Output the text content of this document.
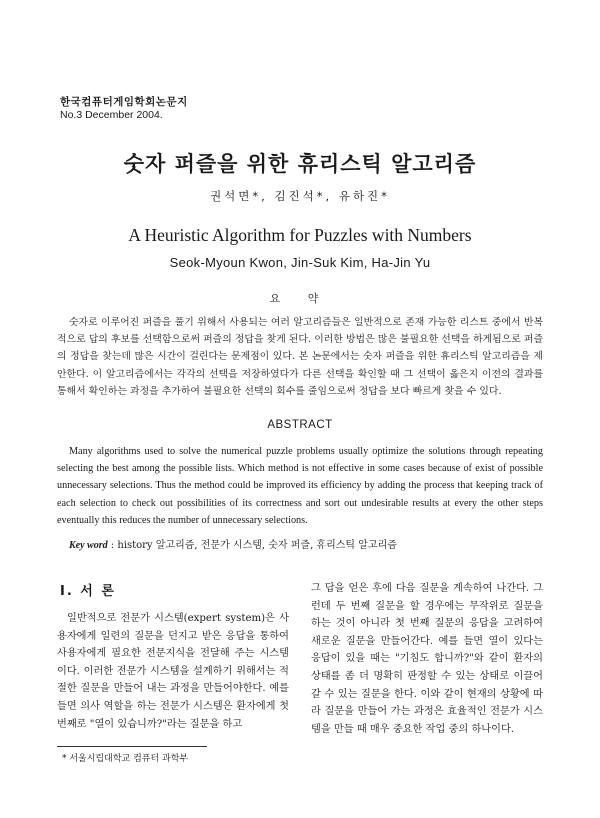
한국컴퓨터게임학회논문지
No.3 December 2004.
숫자 퍼즐을 위한 휴리스틱 알고리즘
권석면*, 김진석*, 유하진*
A Heuristic Algorithm for Puzzles with Numbers
Seok-Myoun Kwon, Jin-Suk Kim, Ha-Jin Yu
요 약

숫자로 이루어진 퍼즐을 풀기 위해서 사용되는 여러 알고리즘들은 일반적으로 존재 가능한 리스트 중에서 반복적으로 답의 후보를 선택함으로써 퍼즐의 정답을 찾게 된다. 이러한 방법은 많은 불필요한 선택을 하게됨으로 퍼즐의 정답을 찾는데 많은 시간이 걸린다는 문제점이 있다. 본 논문에서는 숫자 퍼즐을 위한 휴리스틱 알고리즘을 제안한다. 이 알고리즘에서는 각각의 선택을 저장하였다가 다른 선택을 확인할 때 그 선택이 옳은지 이전의 결과를 통해서 확인하는 과정을 추가하여 불필요한 선택의 회수를 줄임으로써 정답을 보다 빠르게 찾을 수 있다.

ABSTRACT

Many algorithms used to solve the numerical puzzle problems usually optimize the solutions through repeating selecting the best among the possible lists. Which method is not effective in some cases because of exist of possible unnecessary selections. Thus the method could be improved its efficiency by adding the process that keeping track of each selection to check out possibilities of its correctness and sort out undesirable results at every the other steps eventually this reduces the number of unnecessary selections.

Key word : history 알고리즘, 전문가 시스템, 숫자 퍼즐, 휴리스틱 알고리즘
Ⅰ. 서 론

일반적으로 전문가 시스템(expert system)은 사용자에게 일련의 질문을 던지고 받은 응답을 통하여 사용자에게 필요한 전문지식을 전달해 주는 시스템이다. 이러한 전문가 시스템을 설계하기 위해서는 적절한 질문을 만들어 내는 과정을 만들어야한다. 예를 들면 의사 역할을 하는 전문가 시스템은 환자에게 첫 번째로 "열이 있습니까?"라는 질문을 하고

그 답을 얻은 후에 다음 질문을 계속하여 나간다. 그런데 두 번째 질문을 할 경우에는 무작위로 질문을 하는 것이 아니라 첫 번째 질문의 응답을 고려하여 새로운 질문을 만들어간다. 예를 들면 열이 있다는 응답이 있을 때는 "기침도 합니까?"와 같이 환자의 상태를 좀 더 명확히 판정할 수 있는 상태로 이끌어 갈 수 있는 질문을 한다. 이와 같이 현재의 상황에 따라 질문을 만들어 가는 과정은 효율적인 전문가 시스템을 만들 때 매우 중요한 작업 중의 하나이다.

* 서울시립대학교 컴퓨터 과학부
